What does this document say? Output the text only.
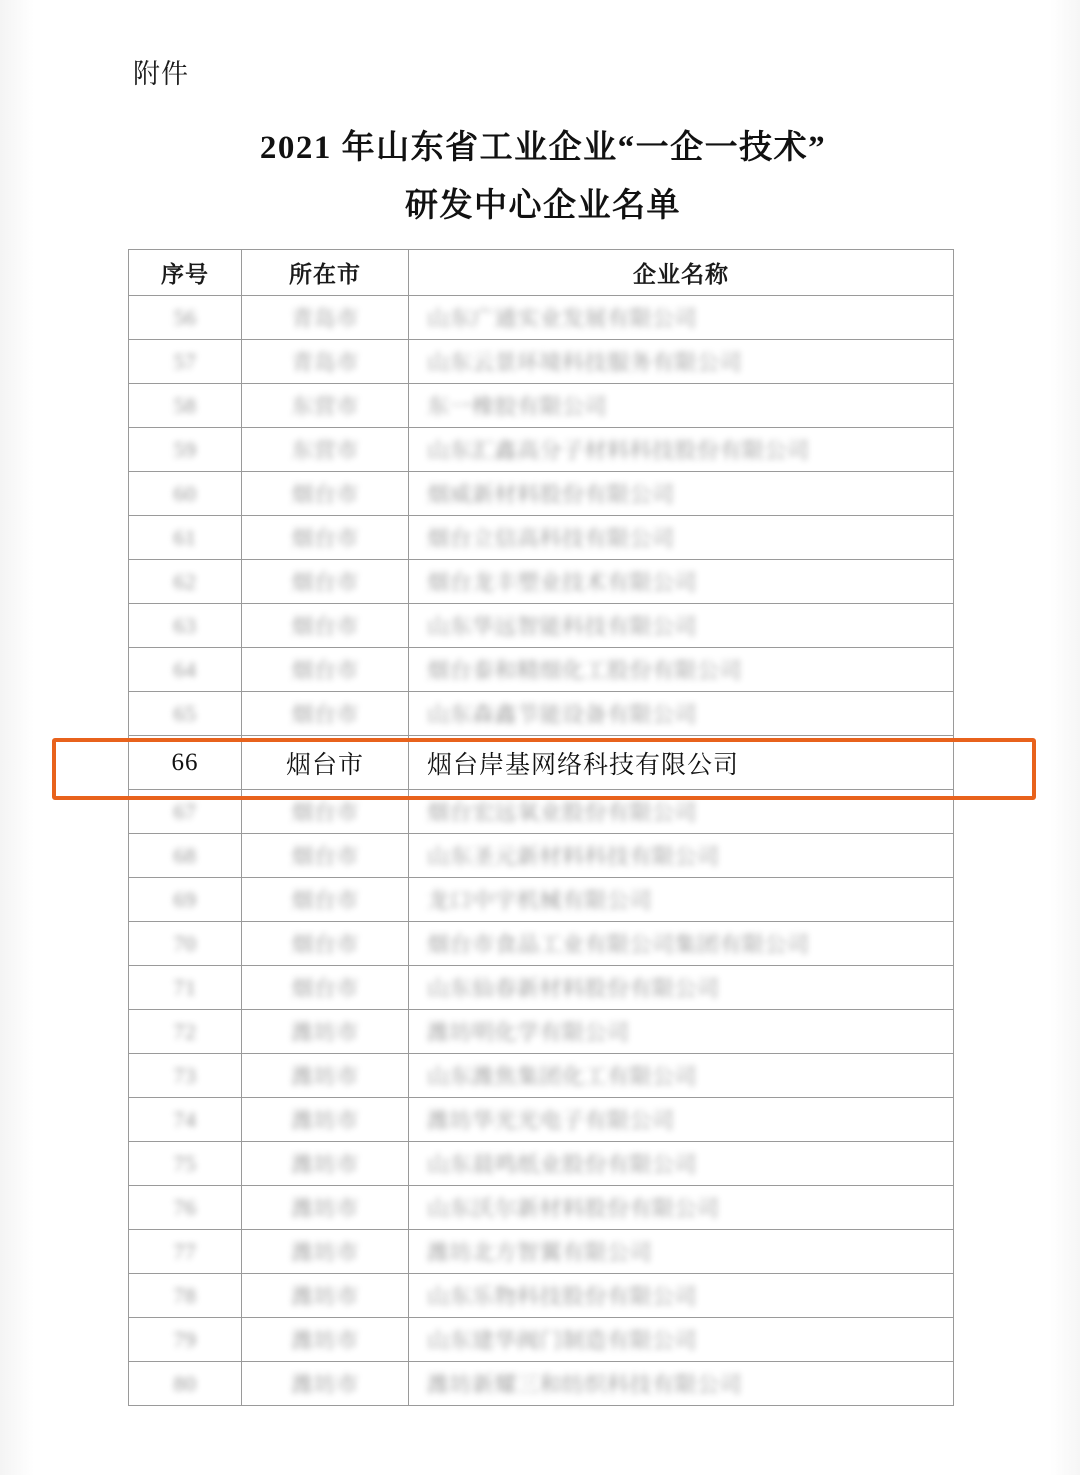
附件
2021 年山东省工业企业“一企一技术”
研发中心企业名单
序号	所在市	企业名称
56	青岛市	山东广通实业发展有限公司
57	青岛市	山东云景环境科技服务有限公司
58	东营市	东一橡胶有限公司
59	东营市	山东汇鑫高分子材料科技股份有限公司
60	烟台市	烟威新材料股份有限公司
61	烟台市	烟台立信高科技有限公司
62	烟台市	烟台龙丰塑业技术有限公司
63	烟台市	山东华远智能科技有限公司
64	烟台市	烟台泰和精细化工股份有限公司
65	烟台市	山东森鑫节能设备有限公司
66	烟台市	烟台岸基网络科技有限公司
67	烟台市	烟台宏远氧业股份有限公司
68	烟台市	山东圣元新材料科技有限公司
69	烟台市	龙口中宇机械有限公司
70	烟台市	烟台市食品工业有限公司集团有限公司
71	烟台市	山东仙春新材料股份有限公司
72	潍坊市	潍坊明化学有限公司
73	潍坊市	山东潍焦集团化工有限公司
74	潍坊市	潍坊华光光电子有限公司
75	潍坊市	山东晨鸣纸业股份有限公司
76	潍坊市	山东沃尔新材料股份有限公司
77	潍坊市	潍坊北方智翼有限公司
78	潍坊市	山东乐物科技股份有限公司
79	潍坊市	山东建华阀门制造有限公司
80	潍坊市	潍坊新耀三和纺织科技有限公司
